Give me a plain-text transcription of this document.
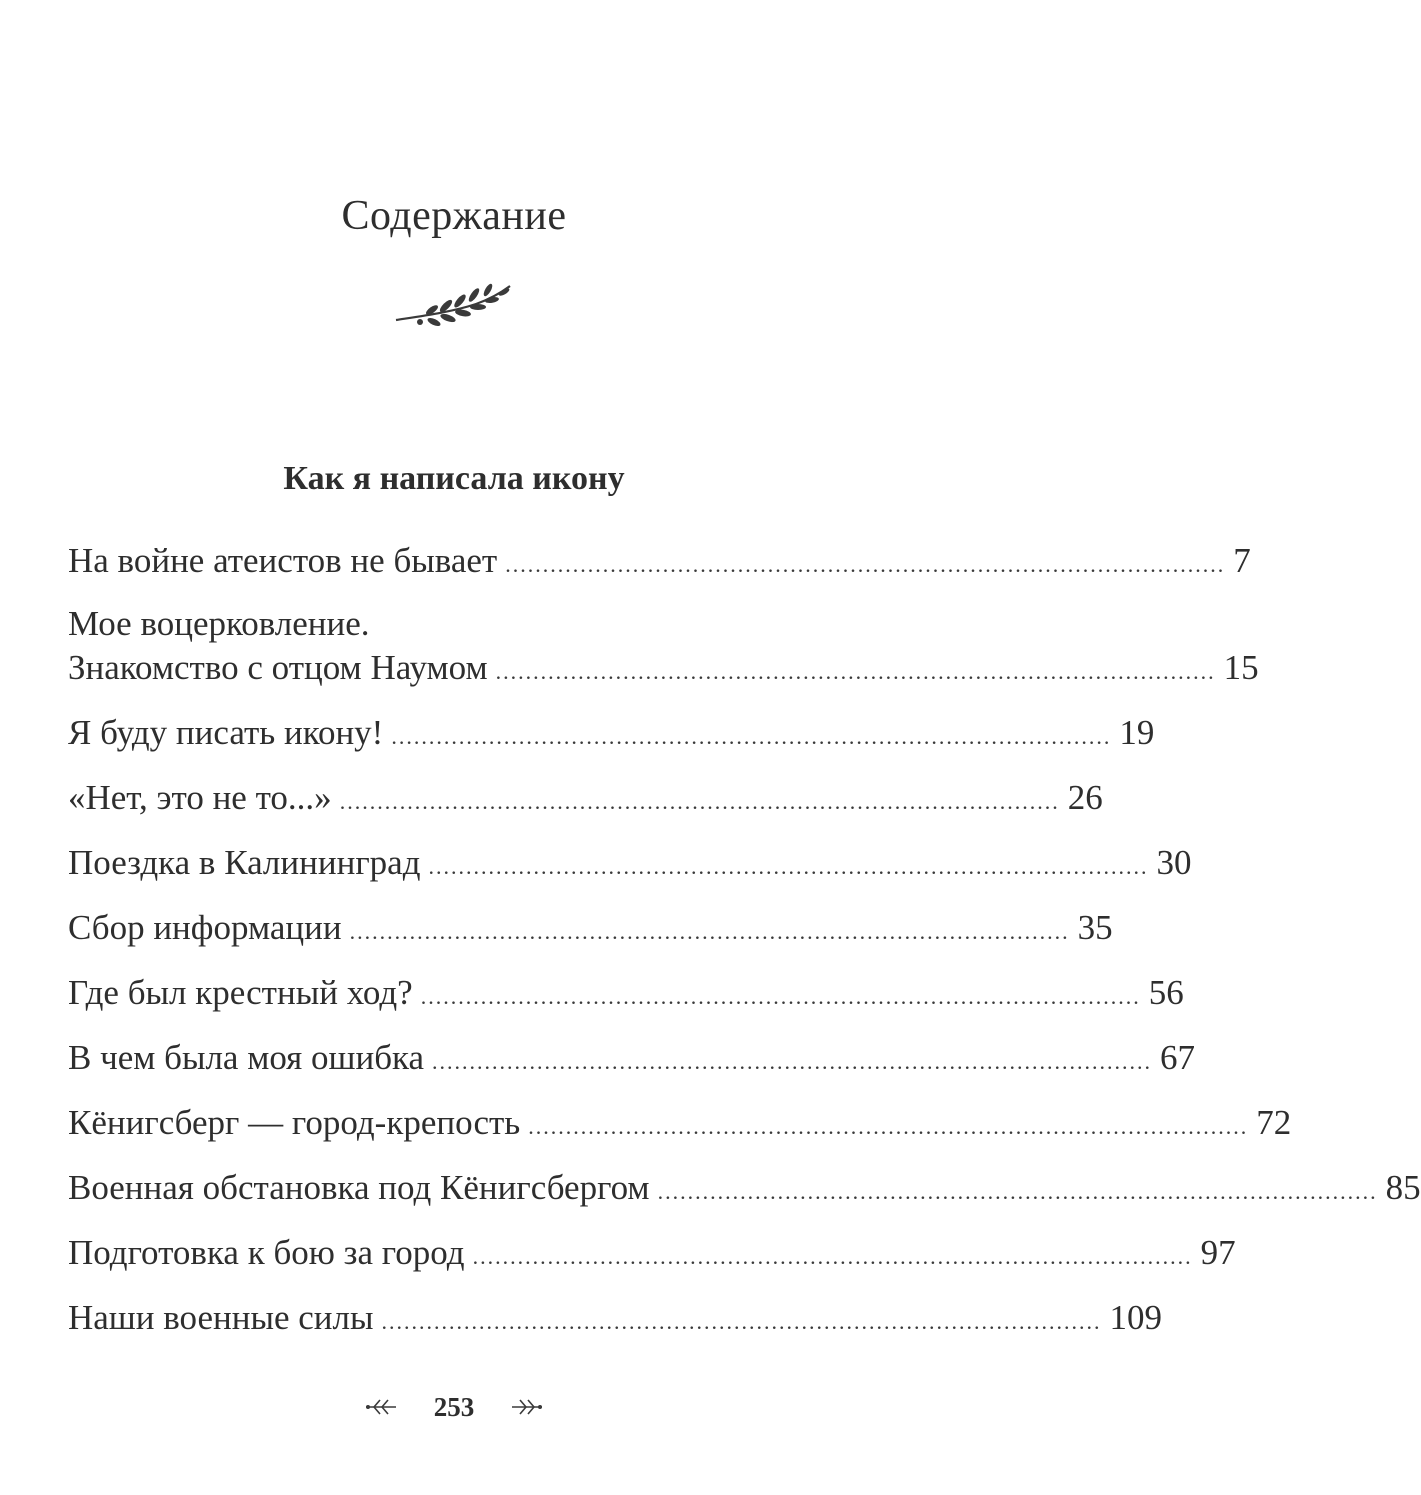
Содержание
Как я написала икону
На войне атеистов не бывает ................................................................................................ 7
Мое воцерковление.
Знакомство с отцом Наумом ................................................................................................ 15
Я буду писать икону! ................................................................................................ 19
«Нет, это не то...» ................................................................................................ 26
Поездка в Калининград ................................................................................................ 30
Сбор информации ................................................................................................ 35
Где был крестный ход? ................................................................................................ 56
В чем была моя ошибка ................................................................................................ 67
Кёнигсберг — город-крепость ................................................................................................ 72
Военная обстановка под Кёнигсбергом ................................................................................................ 85
Подготовка к бою за город ................................................................................................ 97
Наши военные силы ................................................................................................ 109
253
